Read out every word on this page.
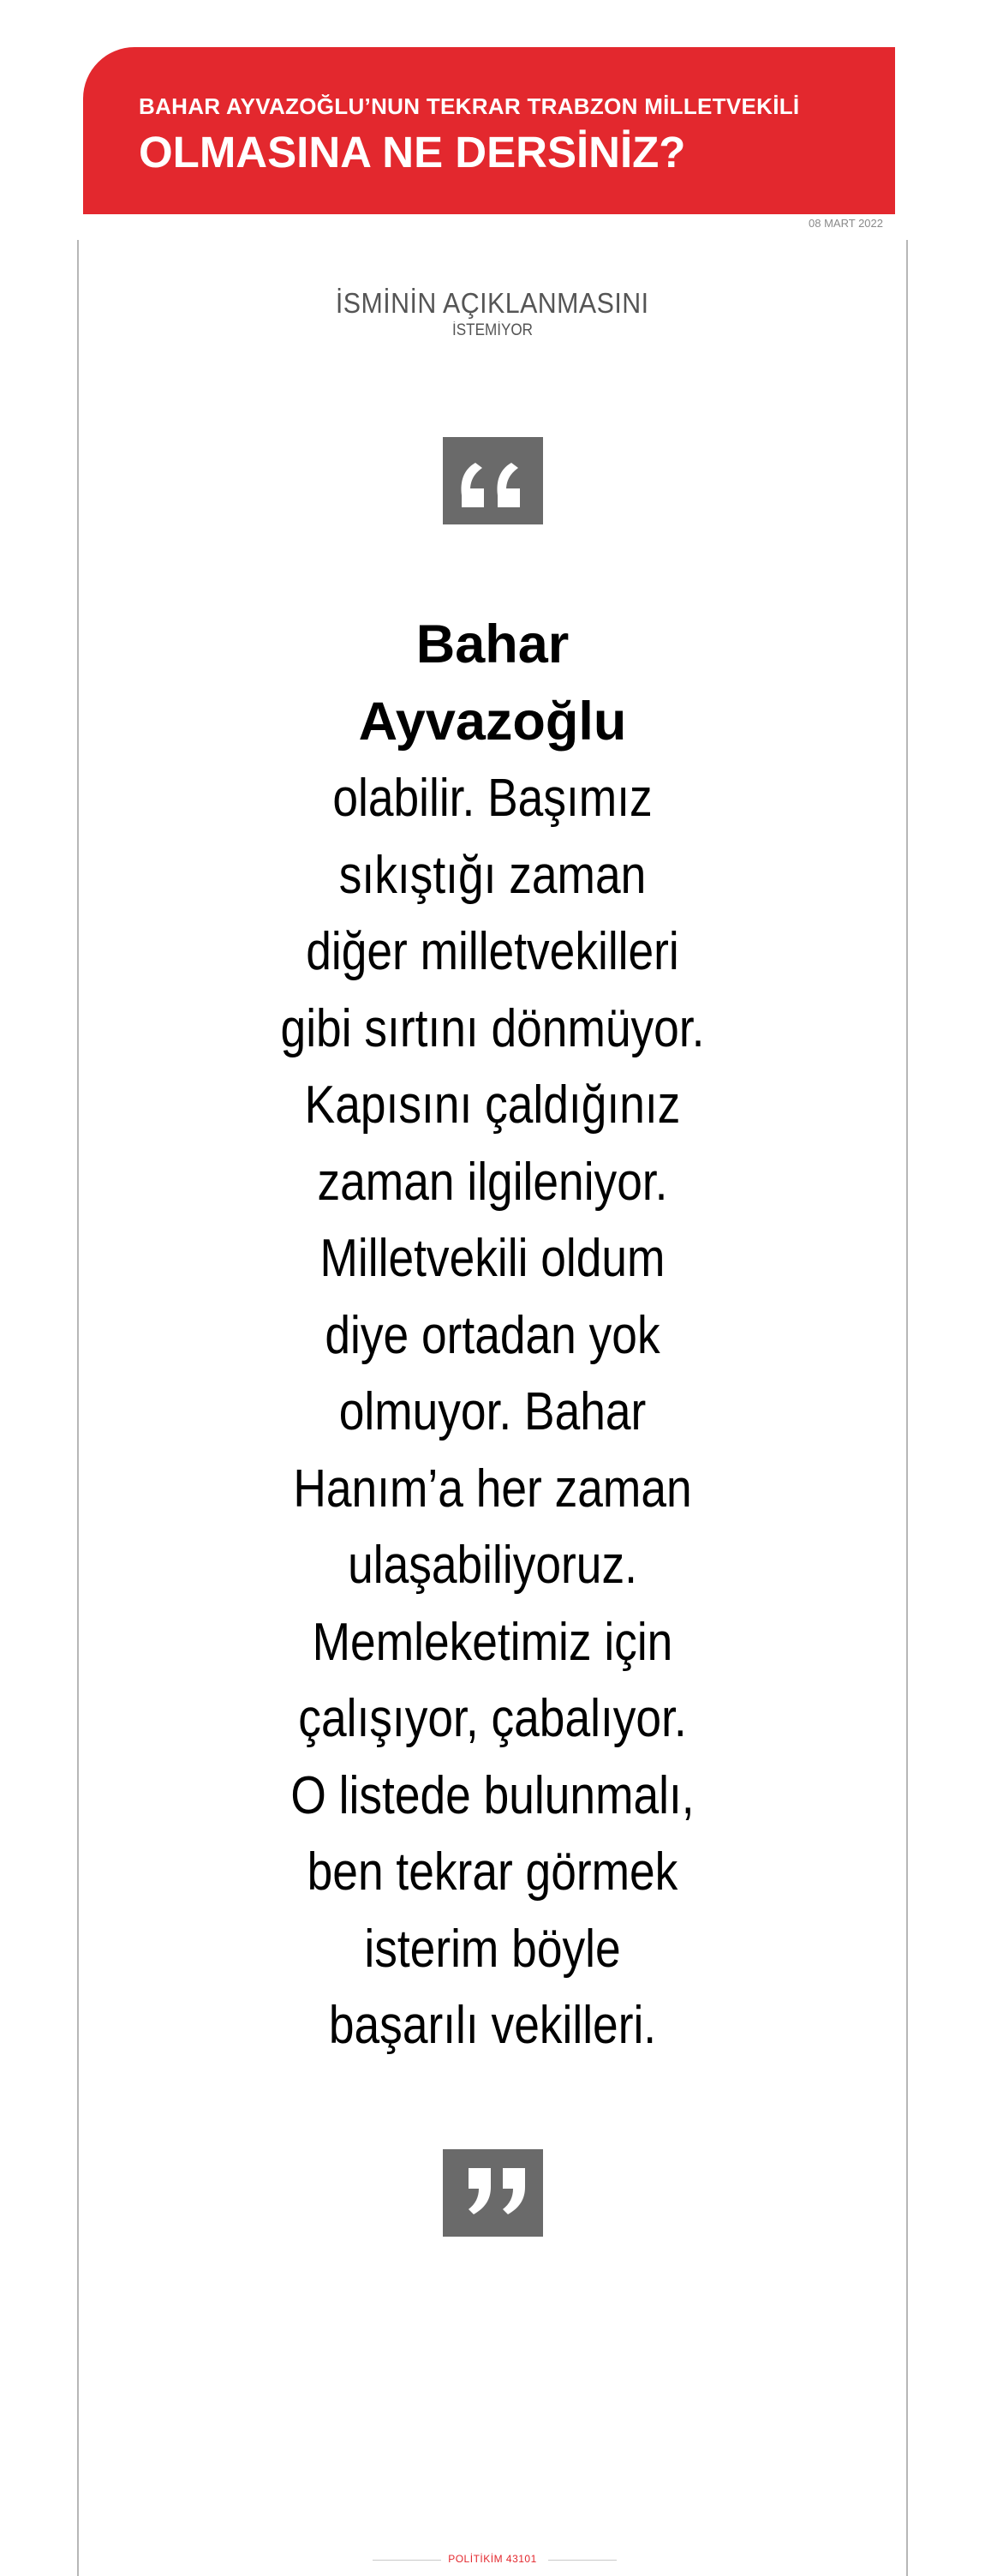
BAHAR AYVAZOĞLU’NUN TEKRAR TRABZON MİLLETVEKİLİ
OLMASINA NE DERSİNİZ?
08 MART 2022
İSMİNİN AÇIKLANMASINI
İSTEMİYOR
Bahar
Ayvazoğlu
olabilir. Başımız
sıkıştığı zaman
diğer milletvekilleri
gibi sırtını dönmüyor.
Kapısını çaldığınız
zaman ilgileniyor.
Milletvekili oldum
diye ortadan yok
olmuyor. Bahar
Hanım’a her zaman
ulaşabiliyoruz.
Memleketimiz için
çalışıyor, çabalıyor.
O listede bulunmalı,
ben tekrar görmek
isterim böyle
başarılı vekilleri.
POLİTİKİM 43101
